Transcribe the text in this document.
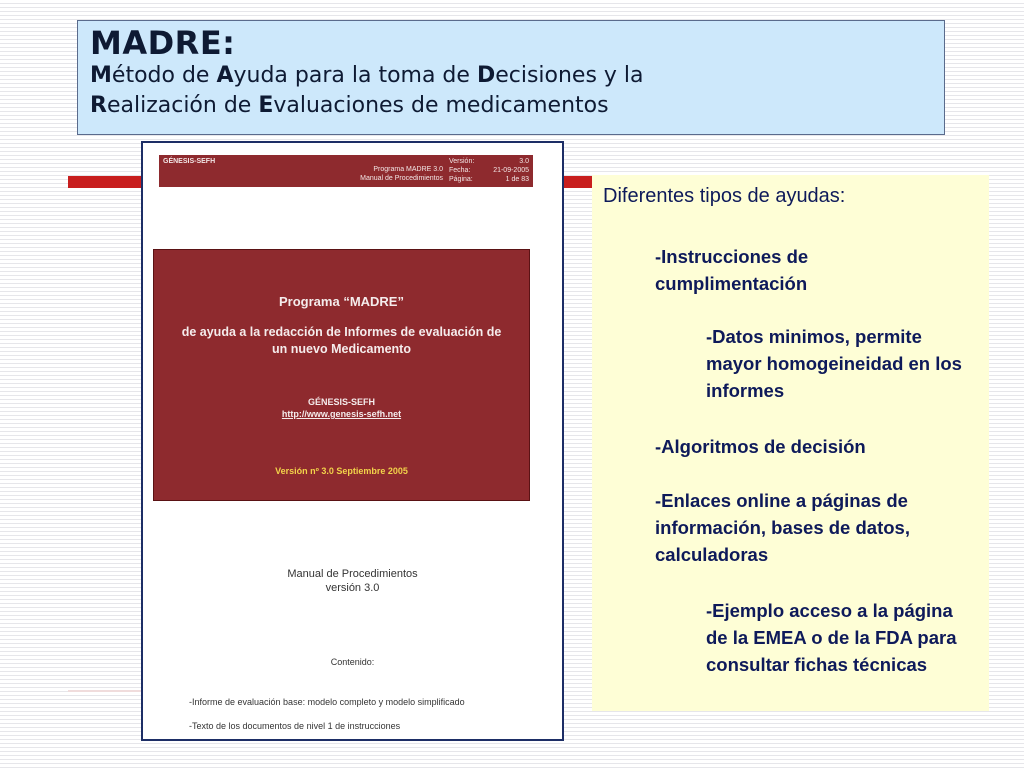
MADRE:
Método de Ayuda para la toma de Decisiones y la
Realización de Evaluaciones de medicamentos
GÉNESIS-SEFH
Programa MADRE 3.0
Manual de Procedimientos
Versión:
Fecha:
Página:
3.0
21-09-2005
1 de 83
Programa “MADRE”
de ayuda a la redacción de Informes de evaluación de un nuevo Medicamento
GÉNESIS-SEFH
http://www.genesis-sefh.net
Versión nº 3.0 Septiembre 2005
Manual de Procedimientos
versión 3.0
Contenido:
-Informe de evaluación base: modelo completo y modelo simplificado
-Texto de los documentos de nivel 1 de instrucciones
Diferentes tipos de ayudas:
-Instrucciones de cumplimentación
-Datos minimos, permite mayor homogeineidad en los informes
-Algoritmos de decisión
-Enlaces online a páginas de información, bases de datos, calculadoras
-Ejemplo acceso a la página de la EMEA o de la FDA para consultar fichas técnicas
